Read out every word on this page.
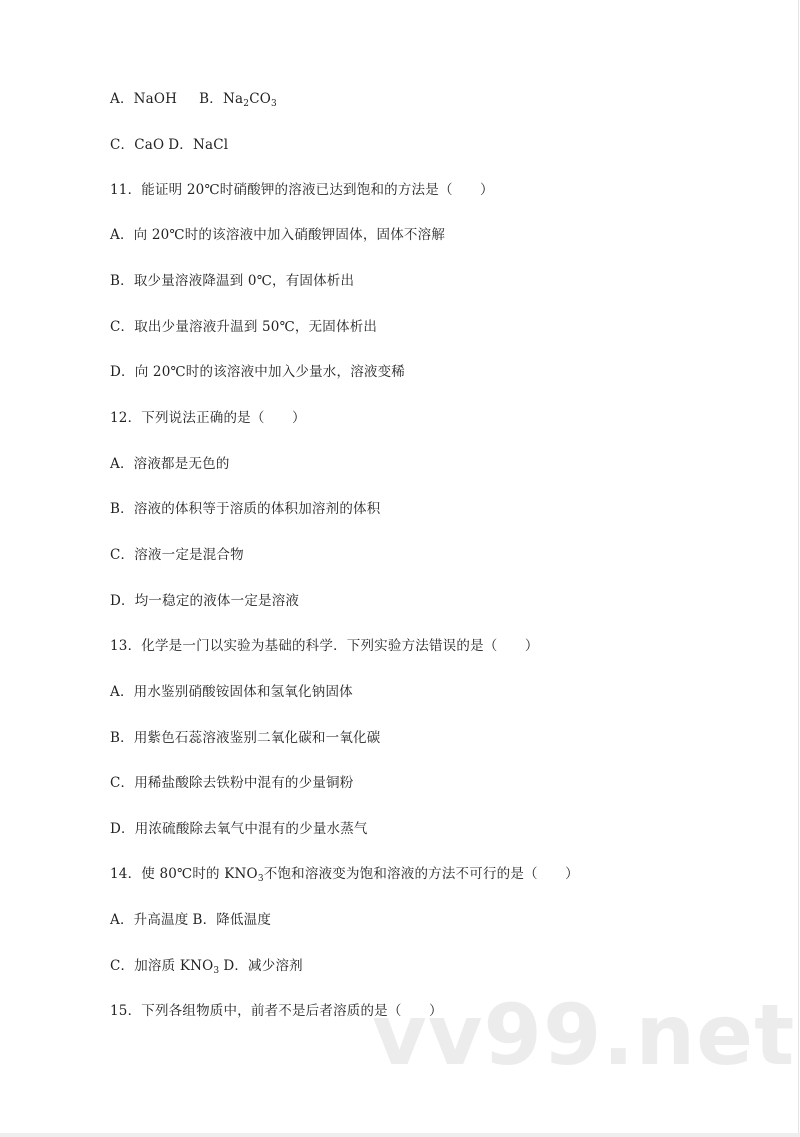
A．NaOH B．$Na_2CO_3$
C．CaO D．NaCl
11．能证明 20℃时硝酸钾的溶液已达到饱和的方法是（　　）
A．向 20℃时的该溶液中加入硝酸钾固体，固体不溶解
B．取少量溶液降温到 0℃，有固体析出
C．取出少量溶液升温到 50℃，无固体析出
D．向 20℃时的该溶液中加入少量水，溶液变稀
12．下列说法正确的是（　　）
A．溶液都是无色的
B．溶液的体积等于溶质的体积加溶剂的体积
C．溶液一定是混合物
D．均一稳定的液体一定是溶液
13．化学是一门以实验为基础的科学．下列实验方法错误的是（　　）
A．用水鉴别硝酸铵固体和氢氧化钠固体
B．用紫色石蕊溶液鉴别二氧化碳和一氧化碳
C．用稀盐酸除去铁粉中混有的少量铜粉
D．用浓硫酸除去氧气中混有的少量水蒸气
14．使 80℃时的 $KNO_3$不饱和溶液变为饱和溶液的方法不可行的是（　　）
A．升高温度 B．降低温度
C．加溶质 $KNO_3$ D．减少溶剂
15．下列各组物质中，前者不是后者溶质的是（　　）
vv99.net
